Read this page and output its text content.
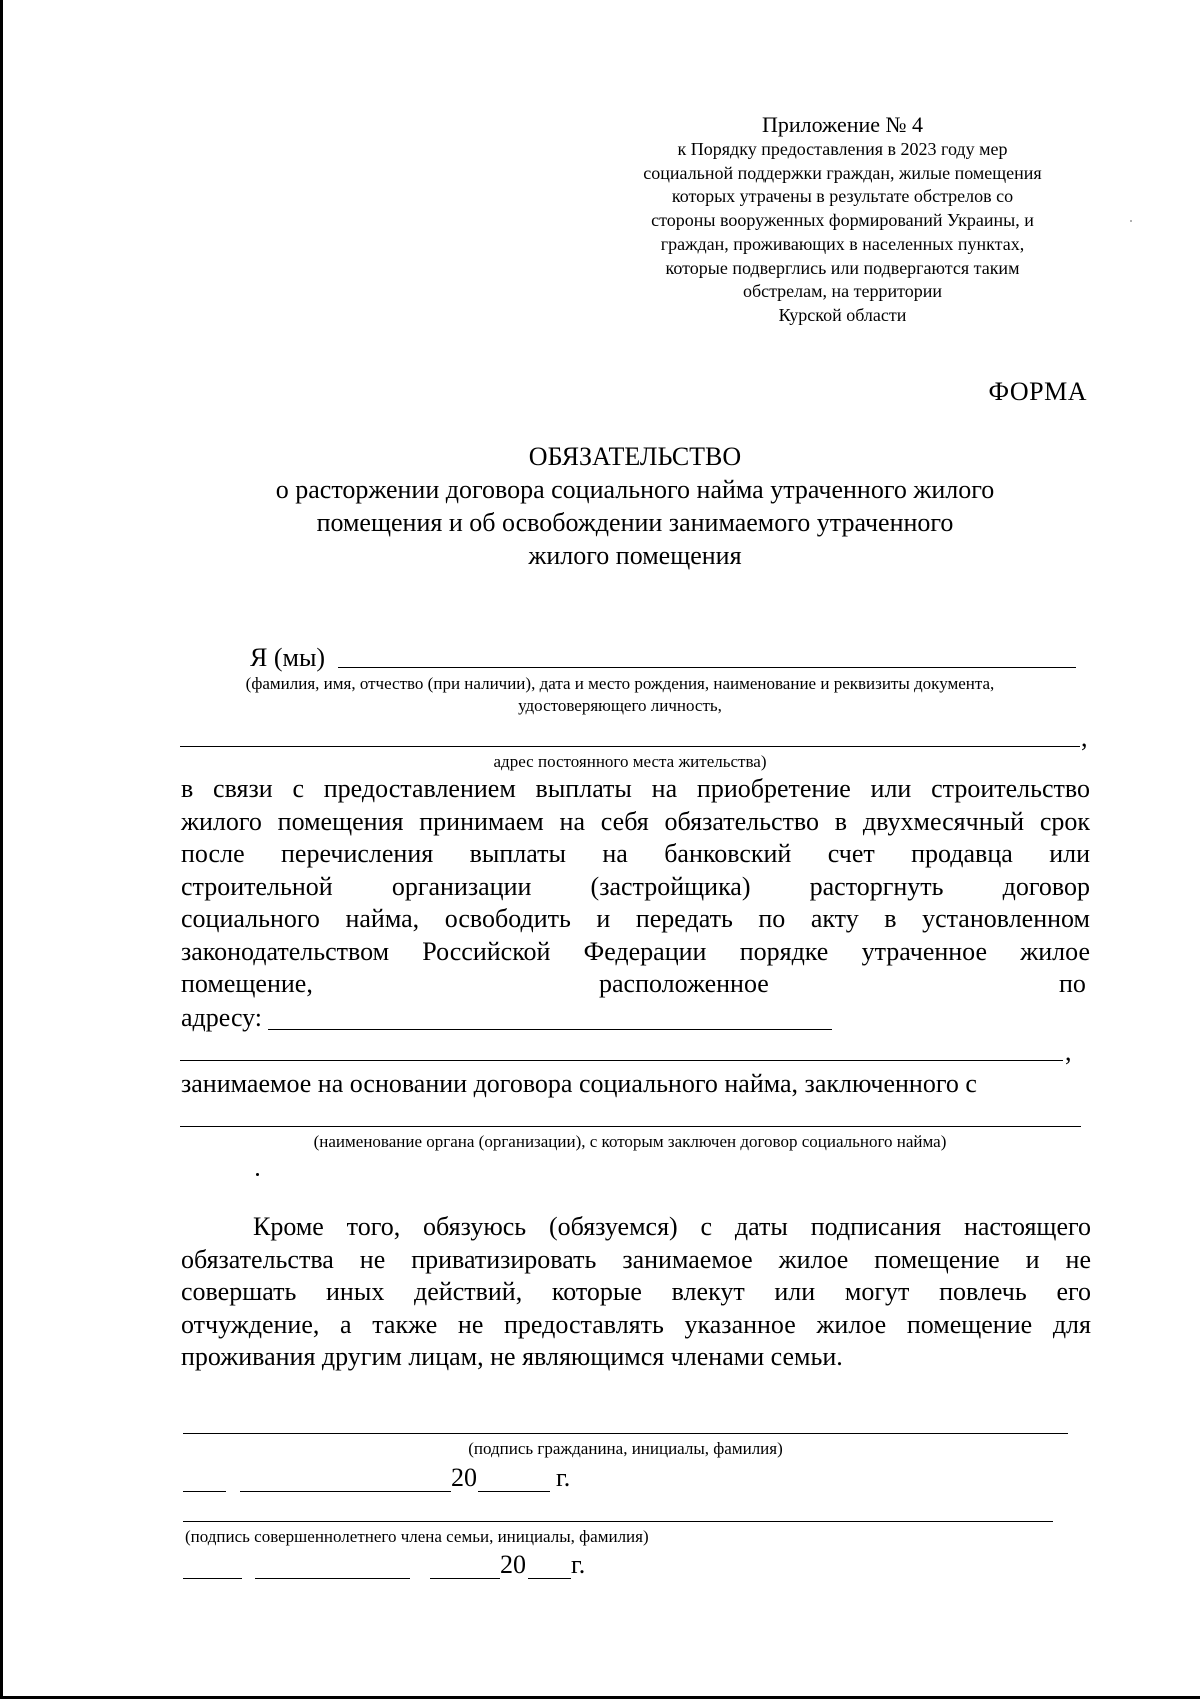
Приложение № 4
к Порядку предоставления в 2023 году мер
социальной поддержки граждан, жилые помещения
которых утрачены в результате обстрелов со
стороны вооруженных формирований Украины, и
граждан, проживающих в населенных пунктах,
которые подверглись или подвергаются таким
обстрелам, на территории
Курской области
ФОРМА
ОБЯЗАТЕЛЬСТВО
о расторжении договора социального найма утраченного жилого
помещения и об освобождении занимаемого утраченного
жилого помещения
Я (мы)
(фамилия, имя, отчество (при наличии), дата и место рождения, наименование и реквизиты документа,
удостоверяющего личность,
,
адрес постоянного места жительства)
в связи с предоставлением выплаты на приобретение или строительство
жилого помещения принимаем на себя обязательство в двухмесячный срок
после перечисления выплаты на банковский счет продавца или
строительной организации (застройщика) расторгнуть договор
социального найма, освободить и передать по акту в установленном
законодательством Российской Федерации порядке утраченное жилое
помещение,	расположенное	по
адресу:
,
занимаемое на основании договора социального найма, заключенного с
(наименование органа (организации), с которым заключен договор социального найма)
Кроме того, обязуюсь (обязуемся) с даты подписания настоящего
обязательства не приватизировать занимаемое жилое помещение и не
совершать иных действий, которые влекут или могут повлечь его
отчуждение, а также не предоставлять указанное жилое помещение для
проживания другим лицам, не являющимся членами семьи.
(подпись гражданина, инициалы, фамилия)
20	г.
(подпись совершеннолетнего члена семьи, инициалы, фамилия)
20 г.
